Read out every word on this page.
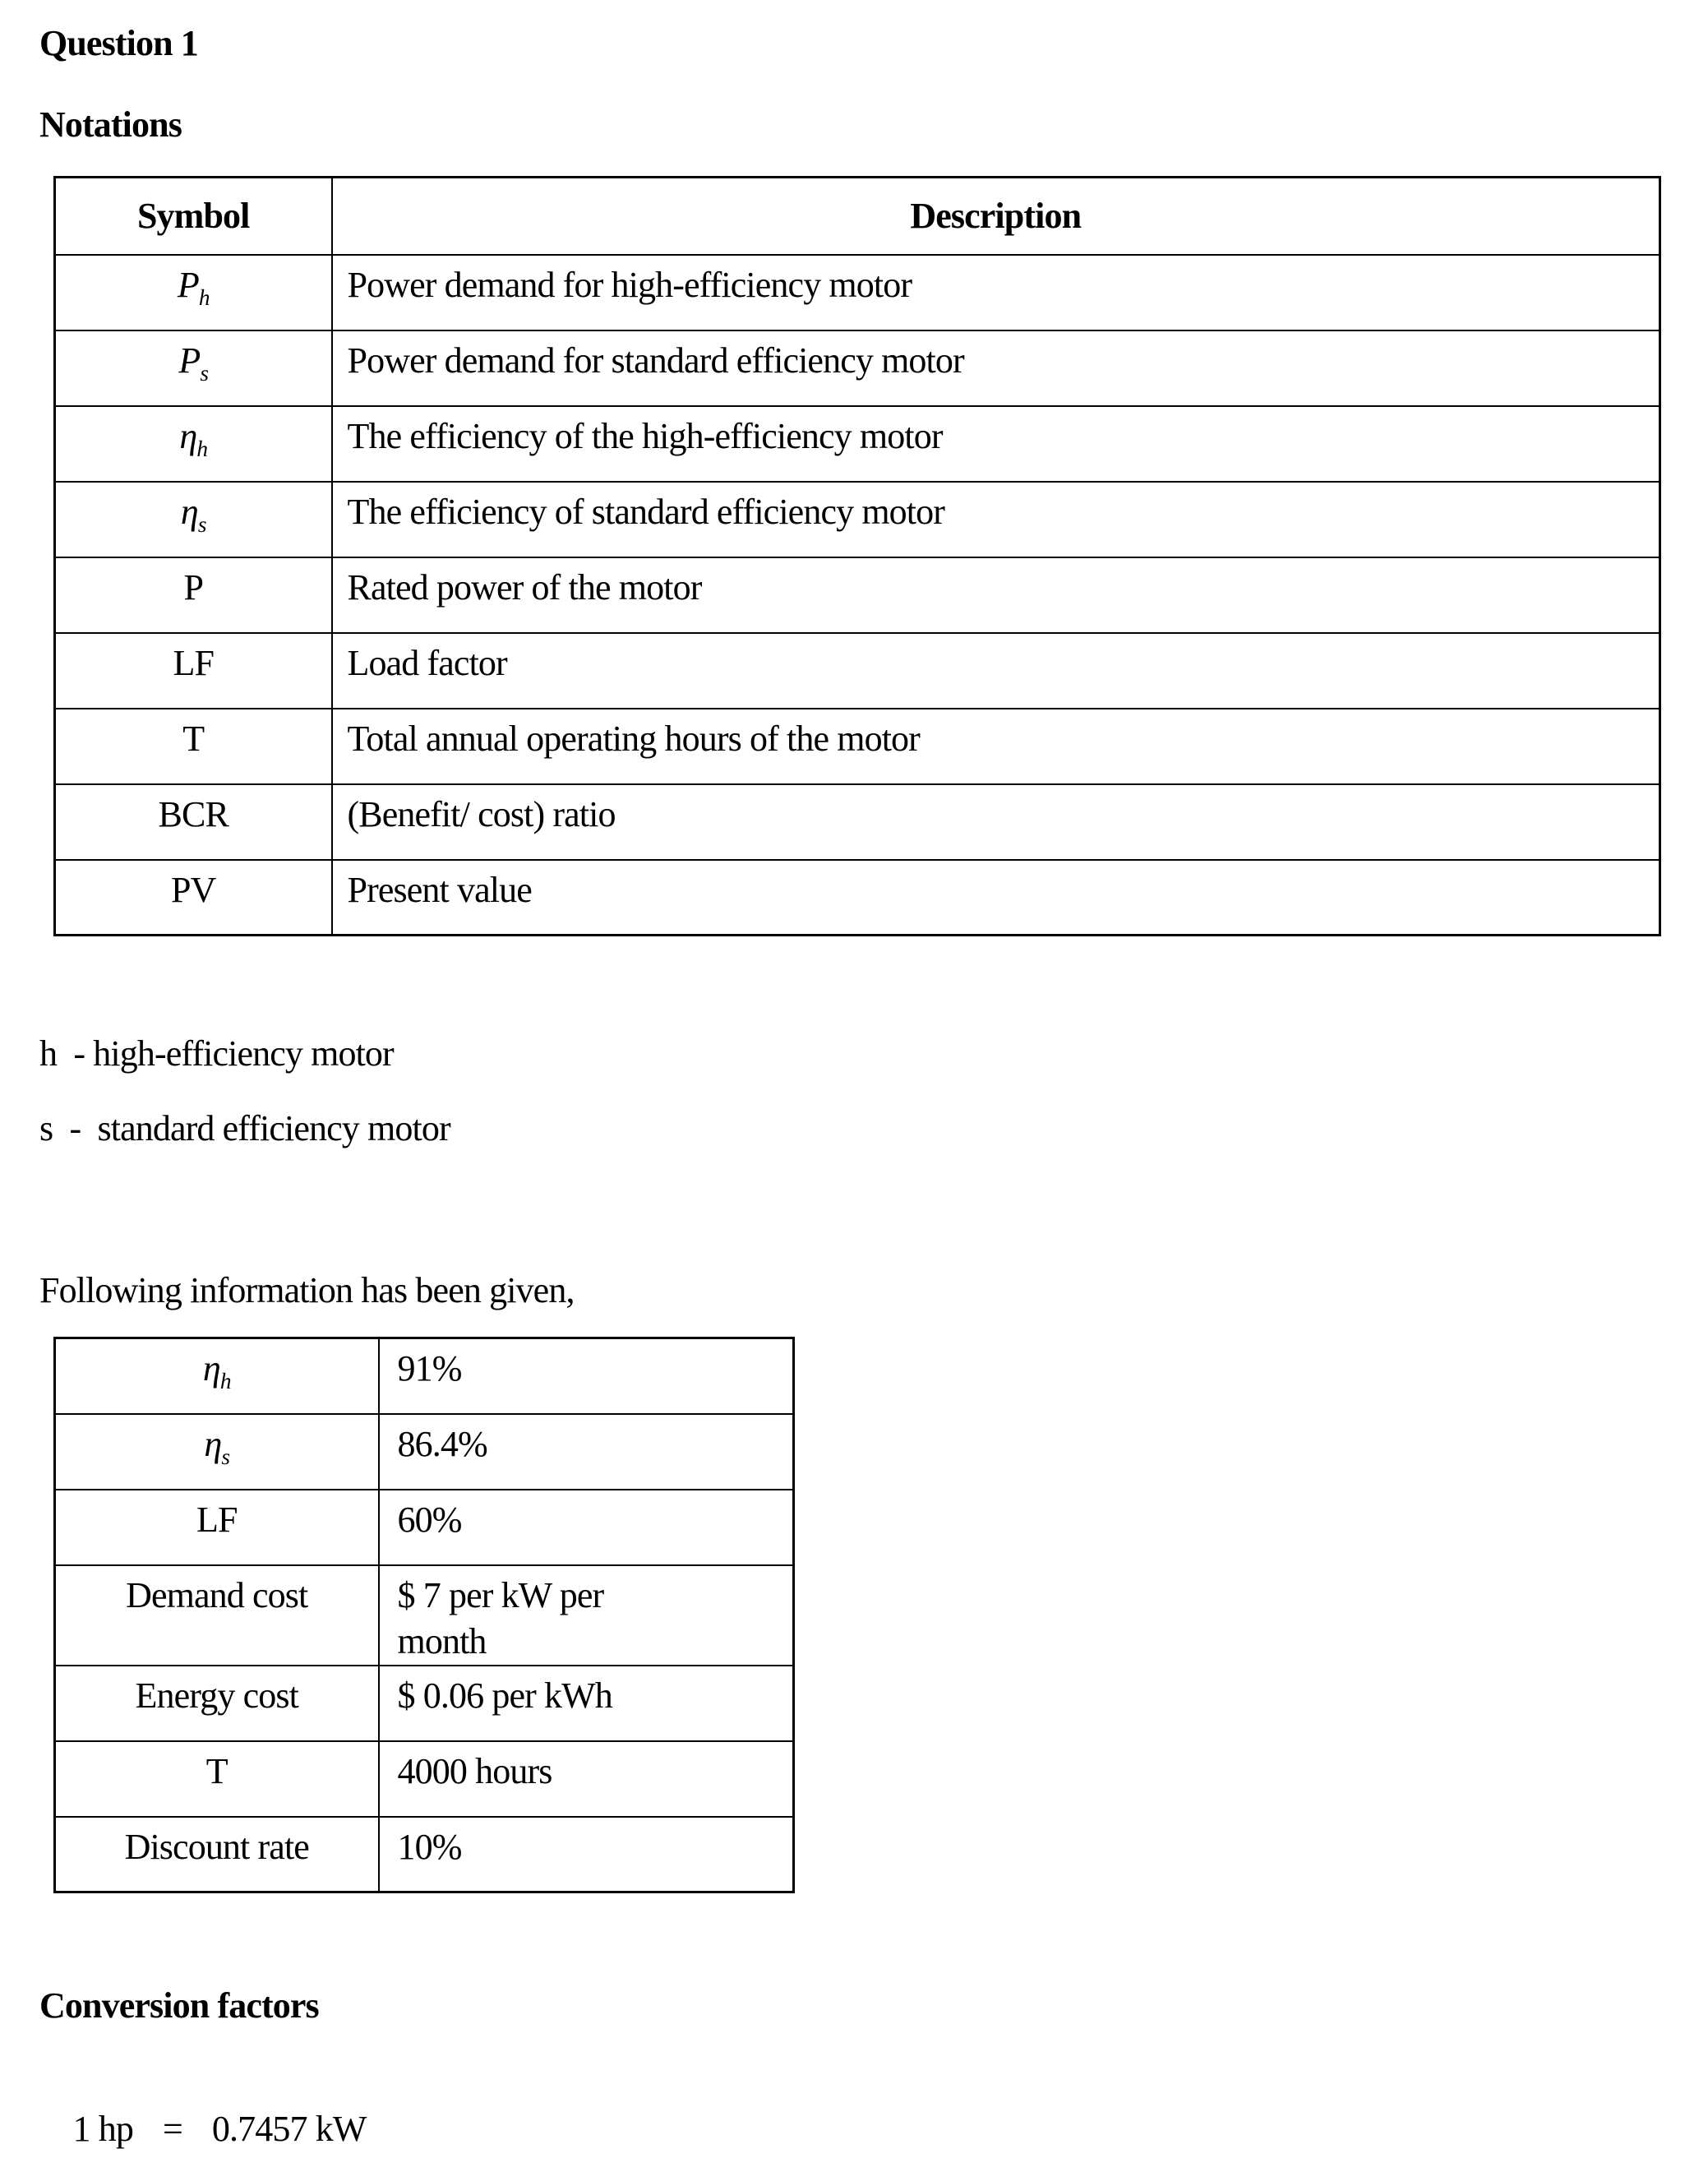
Question 1

Notations

Symbol	Description
$P_h$	Power demand for high-efficiency motor
$P_s$	Power demand for standard efficiency motor
$\eta_h$	The efficiency of the high-efficiency motor
$\eta_s$	The efficiency of standard efficiency motor
P	Rated power of the motor
LF	Load factor
T	Total annual operating hours of the motor
BCR	(Benefit/ cost) ratio
PV	Present value

h  - high-efficiency motor

s  -  standard efficiency motor

Following information has been given,

$\eta_h$	91%
$\eta_s$	86.4%
LF	60%
Demand cost	$ 7 per kW per
month
Energy cost	$ 0.06 per kWh
T	4000 hours
Discount rate	10%

Conversion factors

1 hp = 0.7457 kW
